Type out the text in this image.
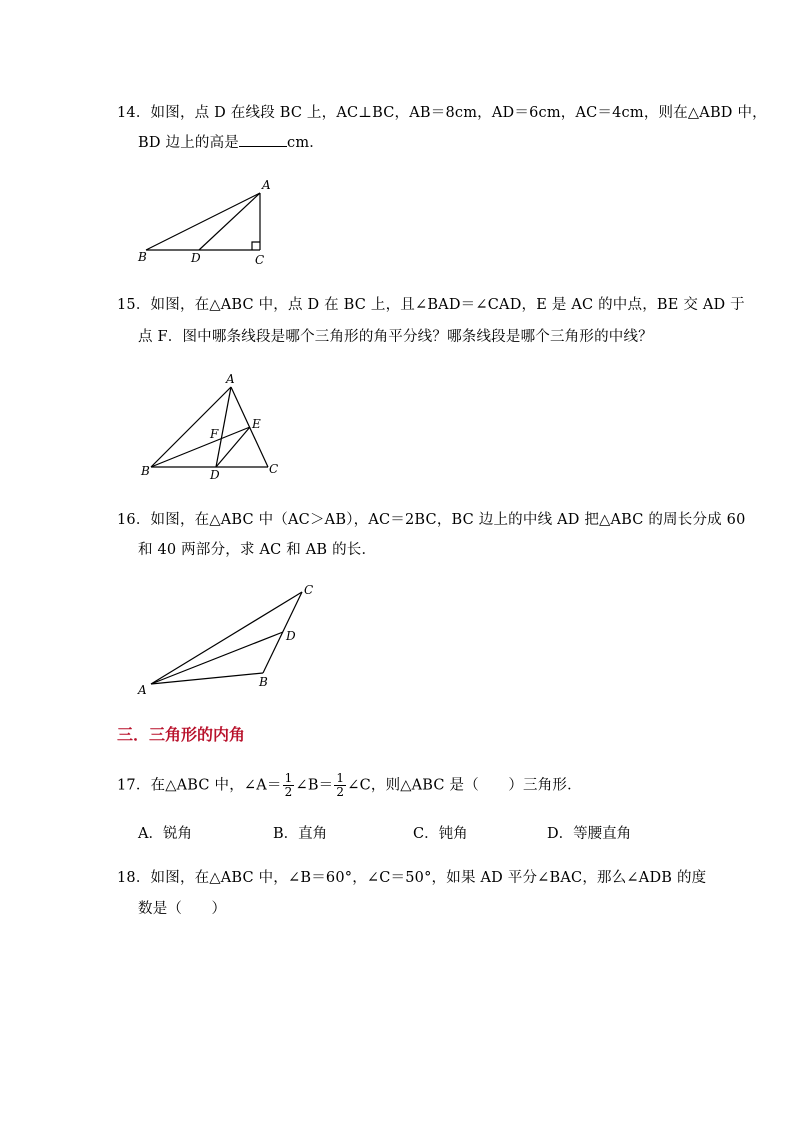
14．如图，点 D 在线段 BC 上，AC⊥BC，AB＝8cm，AD＝6cm，AC＝4cm，则在△ABD 中，
BD 边上的高是	cm．
A
B	D	C
A
E
F
B	D	C
C
D
B
A
15．如图，在△ABC 中，点 D 在 BC 上，且∠BAD＝∠CAD，E 是 AC 的中点，BE 交 AD 于
点 F．图中哪条线段是哪个三角形的角平分线？哪条线段是哪个三角形的中线？
16．如图，在△ABC 中（AC＞AB），AC＝2BC，BC 边上的中线 AD 把△ABC 的周长分成 60
和 40 两部分，求 AC 和 AB 的长．
三．三角形的内角
17．在△ABC 中，∠A＝ $\frac{1}{2}$ ∠B＝ $\frac{1}{2}$ ∠C，则△ABC 是（　　）三角形．
A．锐角	B．直角	C．钝角	D．等腰直角
18．如图，在△ABC 中，∠B＝60°，∠C＝50°，如果 AD 平分∠BAC，那么∠ADB 的度
数是（　　）
